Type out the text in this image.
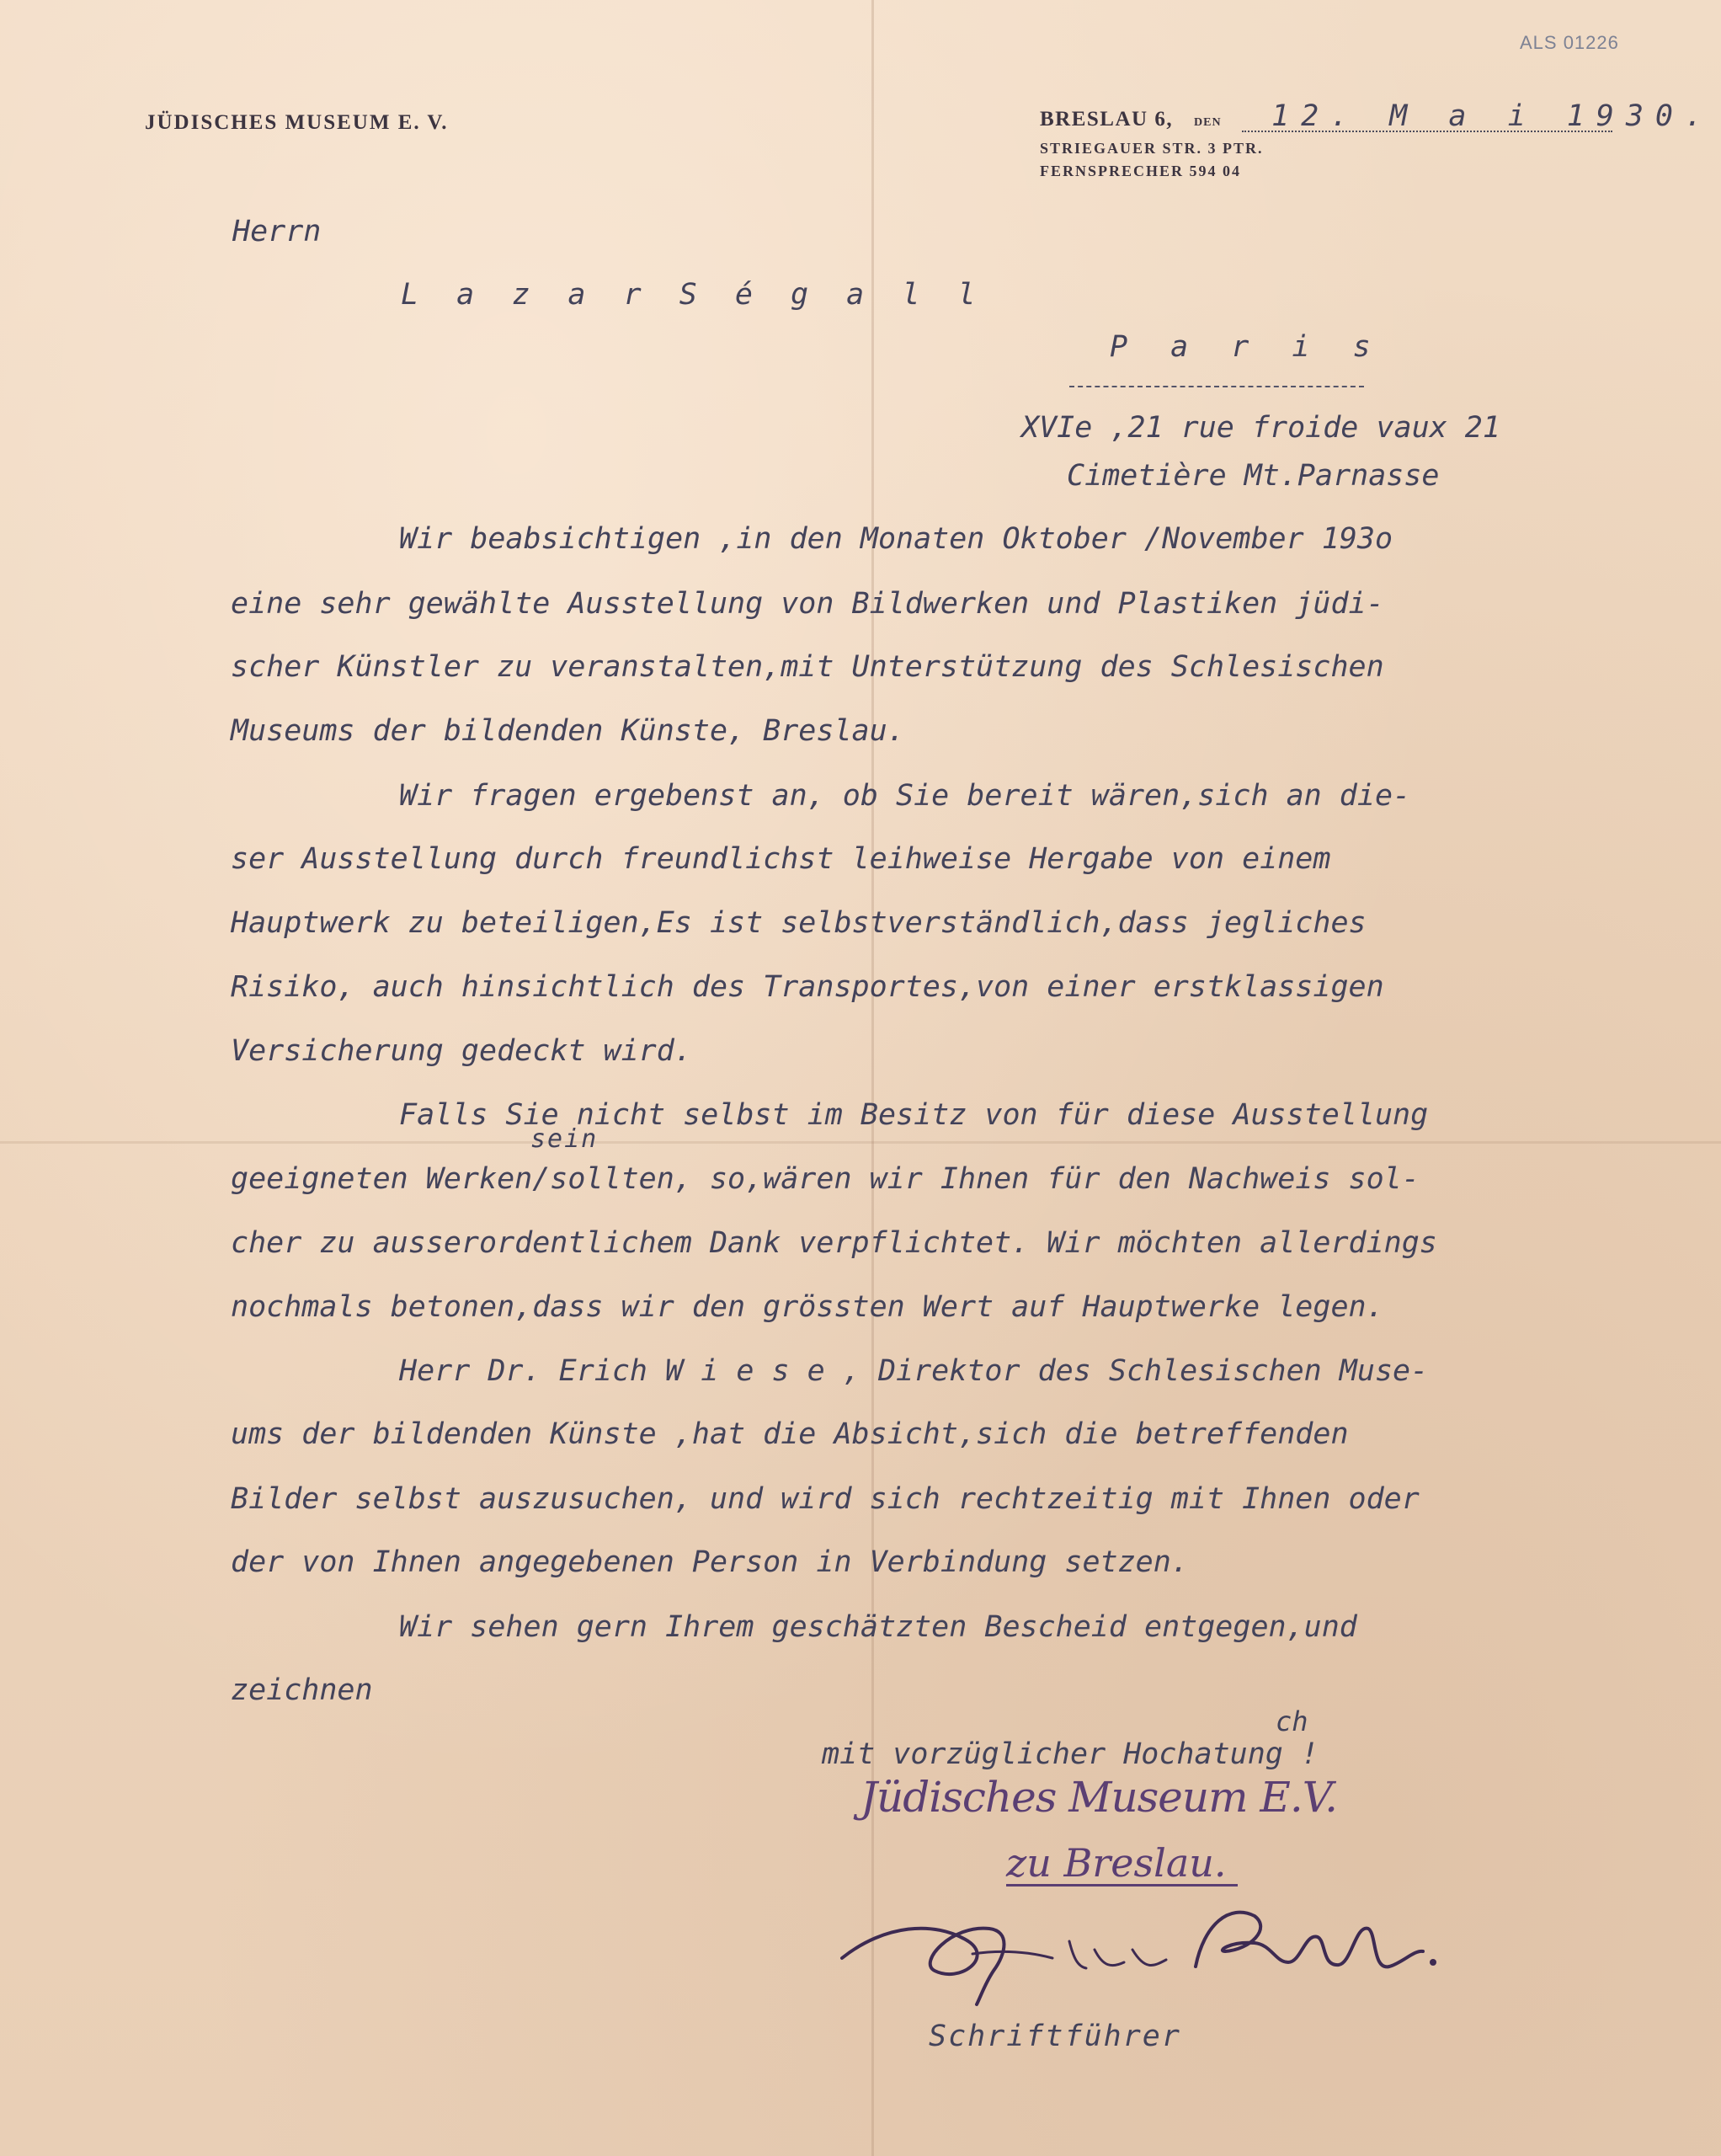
ALS 01226
JÜDISCHES MUSEUM E. V.	BRESLAU 6, DEN 12. M a i 1930.
STRIEGAUER STR. 3 PTR.
FERNSPRECHER 594 04
Herrn
L a z a r S é g a l l
P a r i s
XVIe ,21 rue froide vaux 21
Cimetière Mt.Parnasse
Wir beabsichtigen ,in den Monaten Oktober /November 193o
eine sehr gewählte Ausstellung von Bildwerken und Plastiken jüdi-
scher Künstler zu veranstalten,mit Unterstützung des Schlesischen
Museums der bildenden Künste, Breslau.
Wir fragen ergebenst an, ob Sie bereit wären,sich an die-
ser Ausstellung durch freundlichst leihweise Hergabe von einem
Hauptwerk zu beteiligen,Es ist selbstverständlich,dass jegliches
Risiko, auch hinsichtlich des Transportes,von einer erstklassigen
Versicherung gedeckt wird.
Falls Sie nicht selbst im Besitz von für diese Ausstellung
sein
geeigneten Werken/sollten, so,wären wir Ihnen für den Nachweis sol-
cher zu ausserordentlichem Dank verpflichtet. Wir möchten allerdings
nochmals betonen,dass wir den grössten Wert auf Hauptwerke legen.
Herr Dr. Erich W i e s e , Direktor des Schlesischen Muse-
ums der bildenden Künste ,hat die Absicht,sich die betreffenden
Bilder selbst auszusuchen, und wird sich rechtzeitig mit Ihnen oder
der von Ihnen angegebenen Person in Verbindung setzen.
Wir sehen gern Ihrem geschätzten Bescheid entgegen,und
zeichnen
ch
mit vorzüglicher Hochatung !
Jüdisches Museum E.V.
zu Breslau.
Schriftführer
